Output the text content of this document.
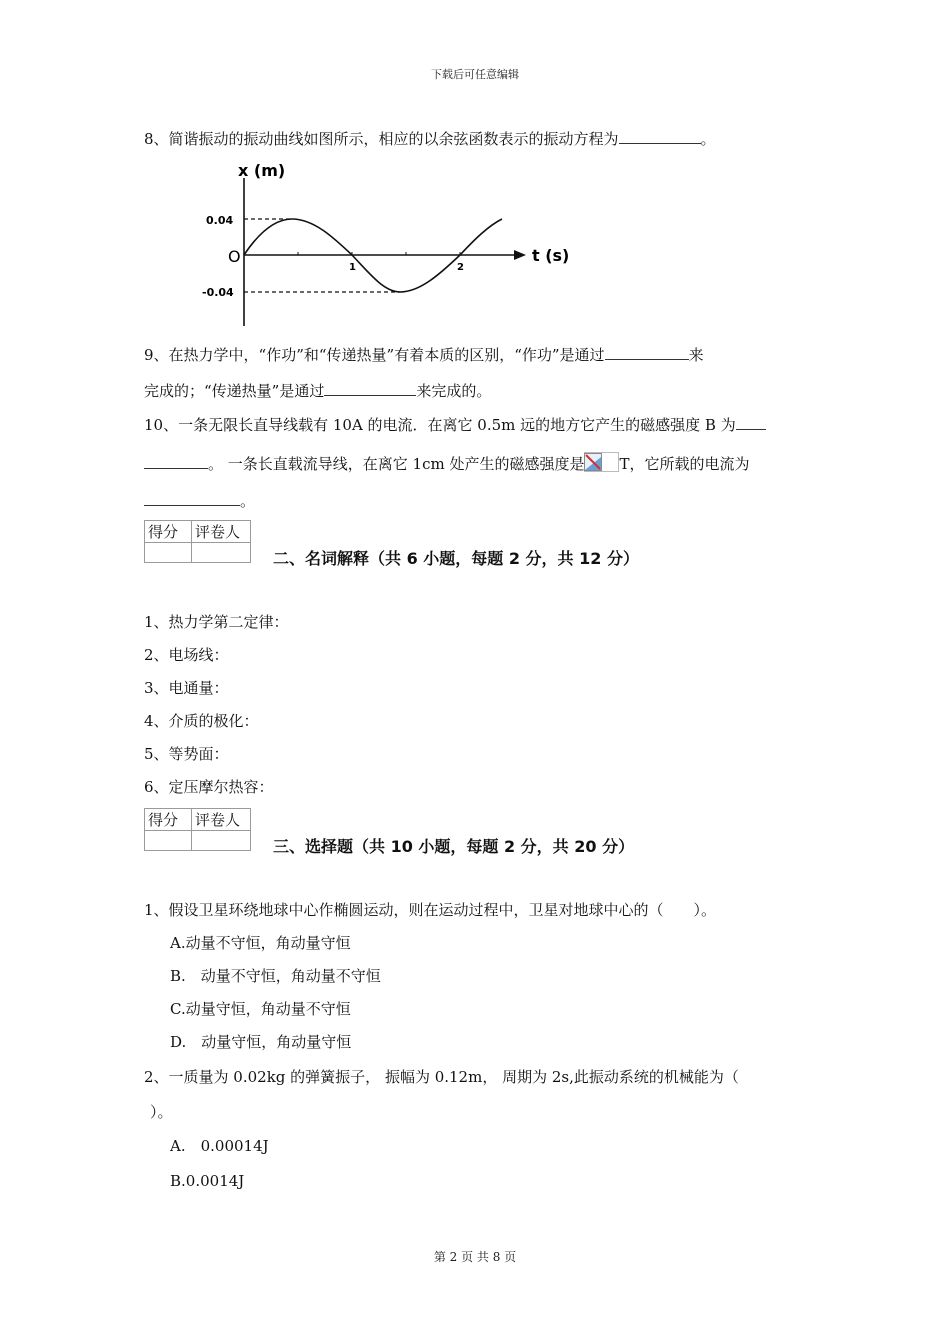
下载后可任意编辑
8、简谐振动的振动曲线如图所示，相应的以余弦函数表示的振动方程为	。
x (m)
0.04
-0.04
O
1	2
t (s)
9、在热力学中，“作功”和“传递热量”有着本质的区别，“作功”是通过	来
完成的；“传递热量”是通过	来完成的。
10、一条无限长直导线载有 10A 的电流．在离它 0.5m 远的地方它产生的磁感强度 B 为
。 一条长直载流导线，在离它 1cm 处产生的磁感强度是 T，它所载的电流为
。
得分	评卷人

二、名词解释（共 6 小题，每题 2 分，共 12 分）
1、热力学第二定律：
2、电场线：
3、电通量：
4、介质的极化：
5、等势面：
6、定压摩尔热容：
得分	评卷人

三、选择题（共 10 小题，每题 2 分，共 20 分）
1、假设卫星环绕地球中心作椭圆运动，则在运动过程中，卫星对地球中心的（　　）。
A.动量不守恒，角动量守恒
B.　动量不守恒，角动量不守恒
C.动量守恒，角动量不守恒
D.　动量守恒，角动量守恒
2、一质量为 0.02kg 的弹簧振子， 振幅为 0.12m， 周期为 2s,此振动系统的机械能为（
）。
A.　0.00014J
B.0.0014J
第 2 页 共 8 页
